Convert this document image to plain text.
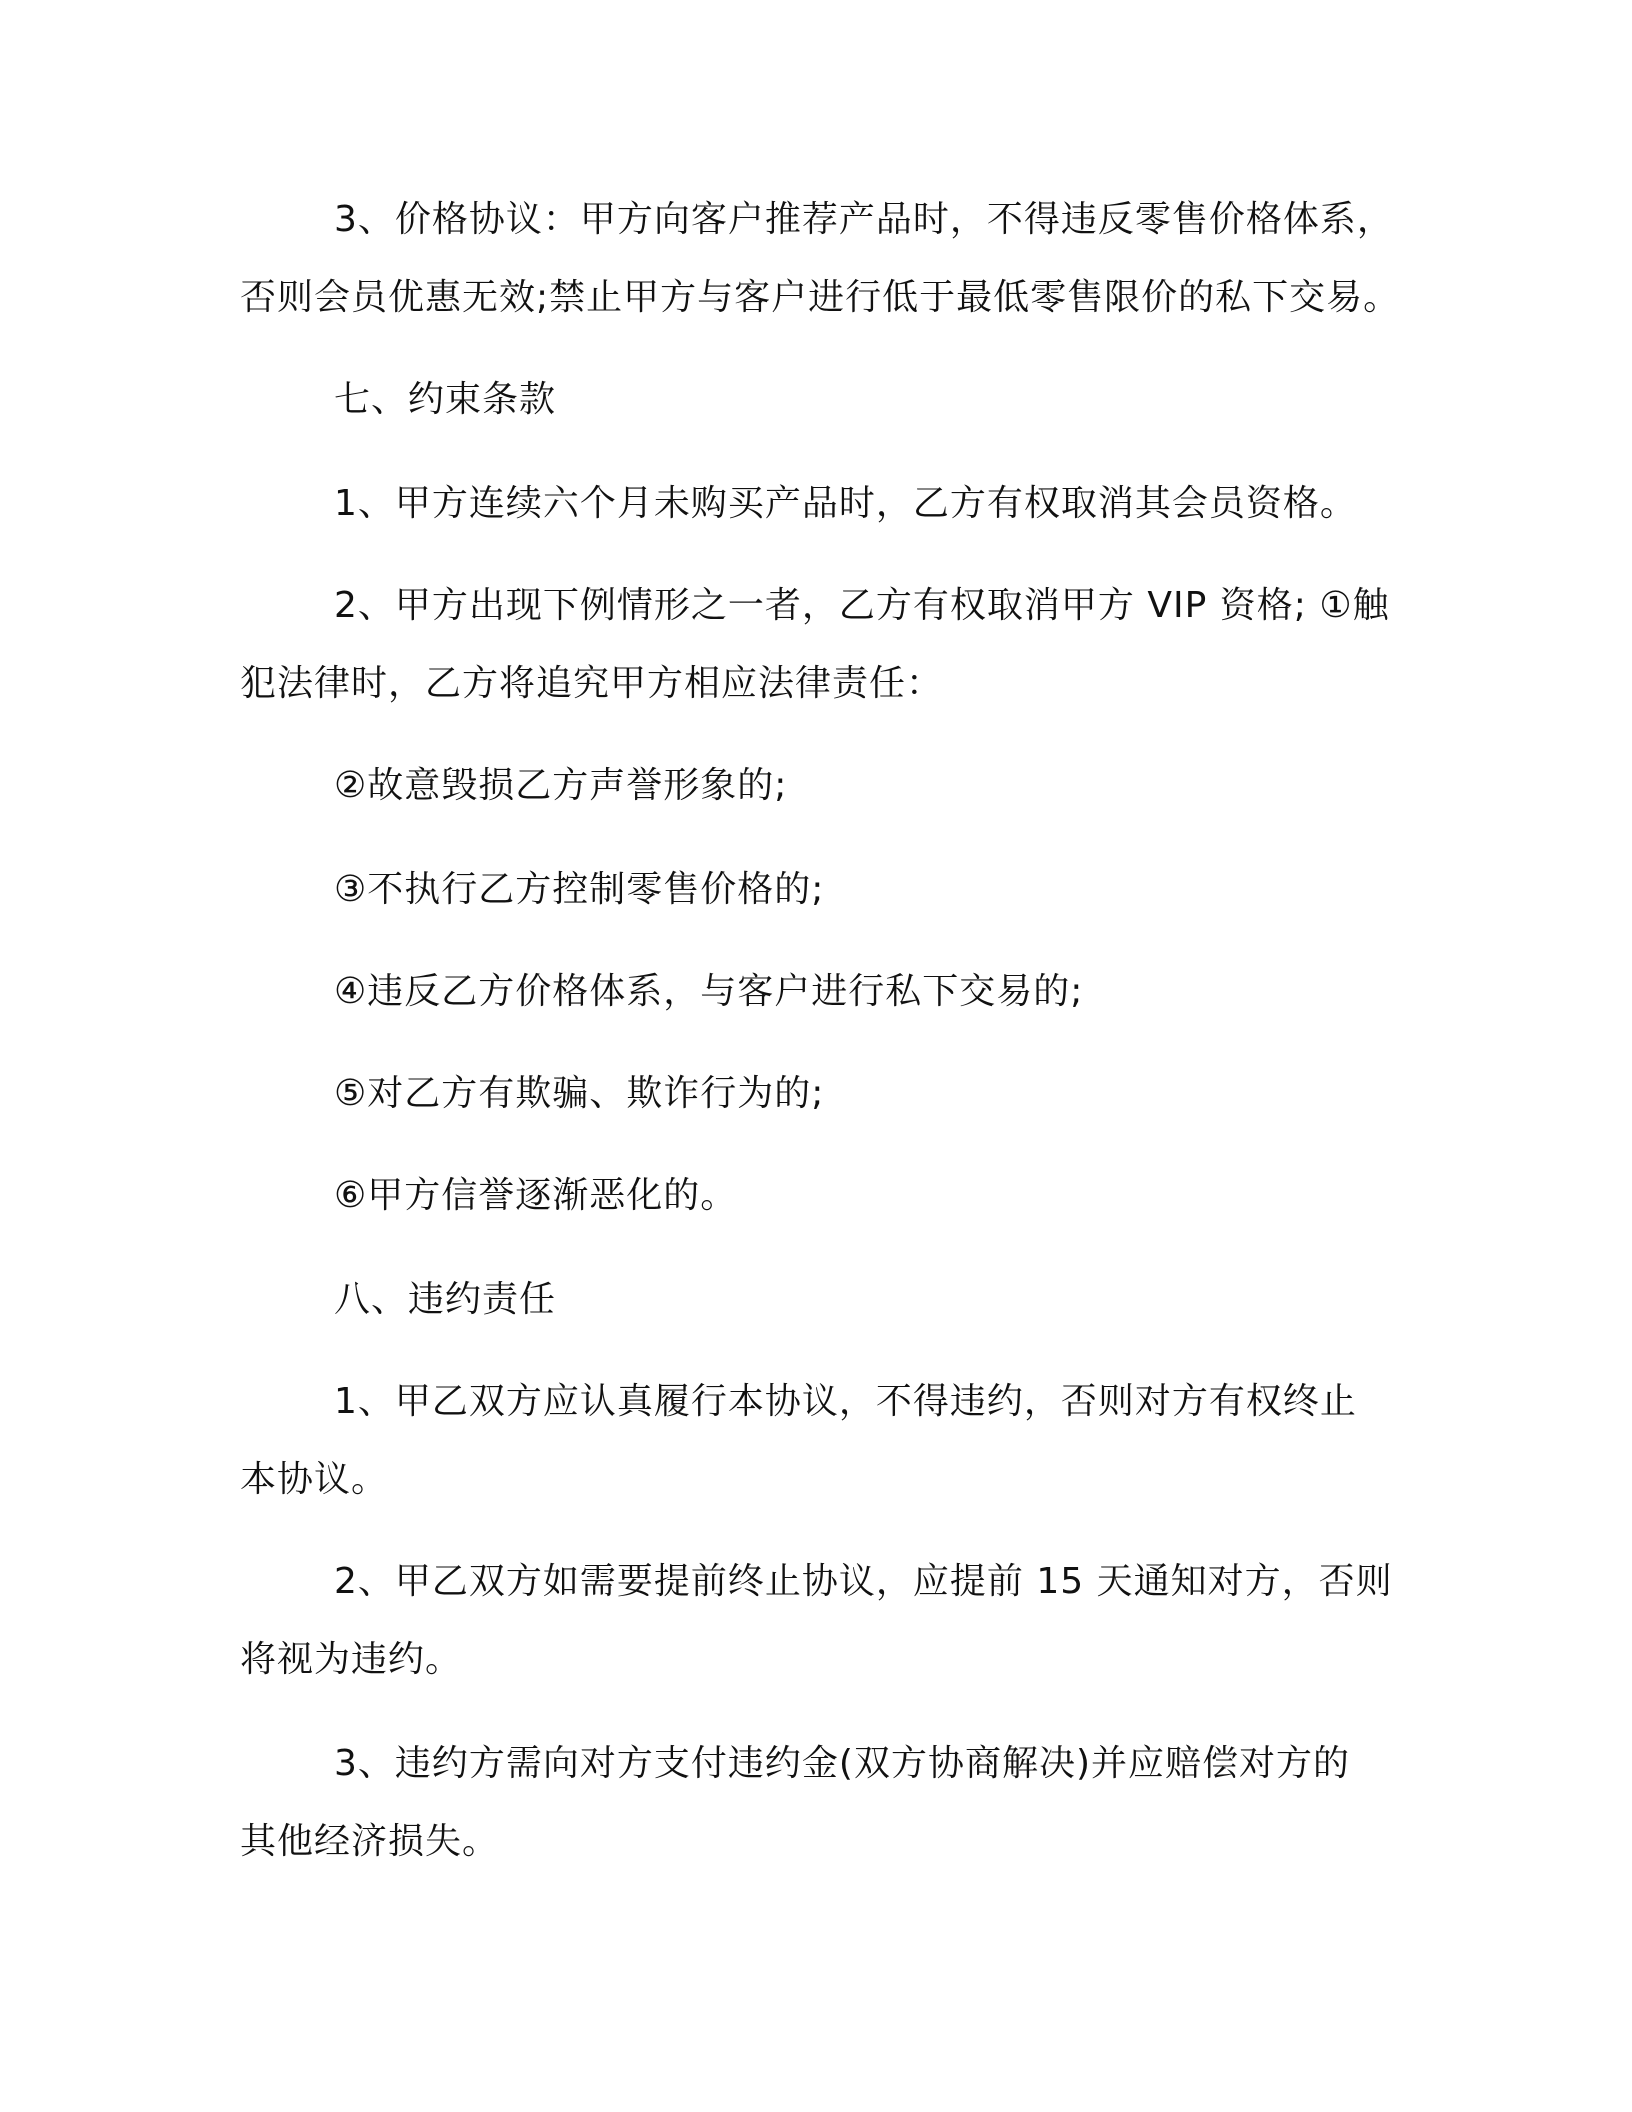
3、价格协议：甲方向客户推荐产品时，不得违反零售价格体系，

否则会员优惠无效;禁止甲方与客户进行低于最低零售限价的私下交易。

七、约束条款

1、甲方连续六个月未购买产品时，乙方有权取消其会员资格。

2、甲方出现下例情形之一者，乙方有权取消甲方 VIP 资格; ①触

犯法律时，乙方将追究甲方相应法律责任：

②故意毁损乙方声誉形象的;

③不执行乙方控制零售价格的;

④违反乙方价格体系，与客户进行私下交易的;

⑤对乙方有欺骗、欺诈行为的;

⑥甲方信誉逐渐恶化的。

八、违约责任

1、甲乙双方应认真履行本协议，不得违约，否则对方有权终止

本协议。

2、甲乙双方如需要提前终止协议，应提前 15 天通知对方，否则

将视为违约。

3、违约方需向对方支付违约金(双方协商解决)并应赔偿对方的

其他经济损失。
